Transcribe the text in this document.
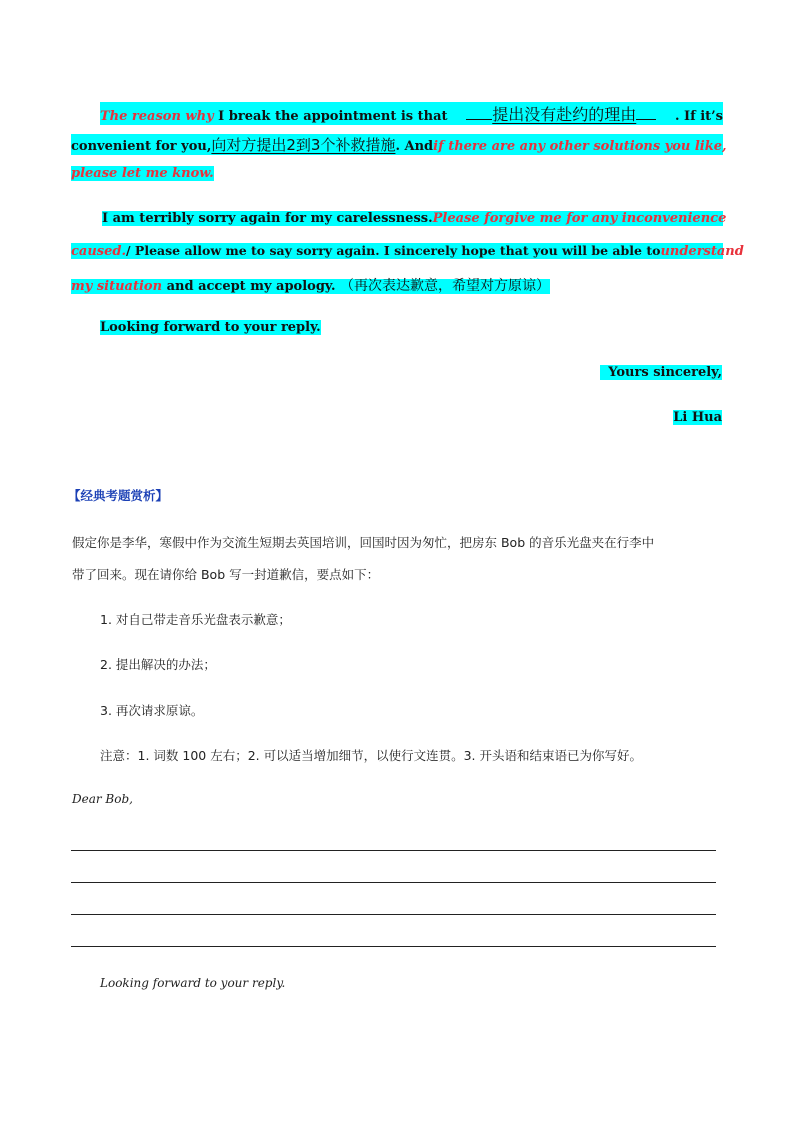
The reason why I break the appointment is that	提出没有赴约的理由	. If it’s
convenient for you, 向对方提出2到3个补救措施 . And if there are any other solutions you like,
please let me know.
I am terribly sorry again for my carelessness. Please forgive me for any inconvenience
caused. / Please allow me to say sorry again. I sincerely hope that you will be able to understand
my situation and accept my apology. （再次表达歉意，希望对方原谅）
Looking forward to your reply.
Yours sincerely,
Li Hua
【经典考题赏析】
假定你是李华，寒假中作为交流生短期去英国培训，回国时因为匆忙，把房东 Bob 的音乐光盘夹在行李中
带了回来。现在请你给 Bob 写一封道歉信，要点如下：
1. 对自己带走音乐光盘表示歉意；
2. 提出解决的办法；
3. 再次请求原谅。
注意：1. 词数 100 左右；2. 可以适当增加细节，以使行文连贯。3. 开头语和结束语已为你写好。
Dear Bob,
Looking forward to your reply.
